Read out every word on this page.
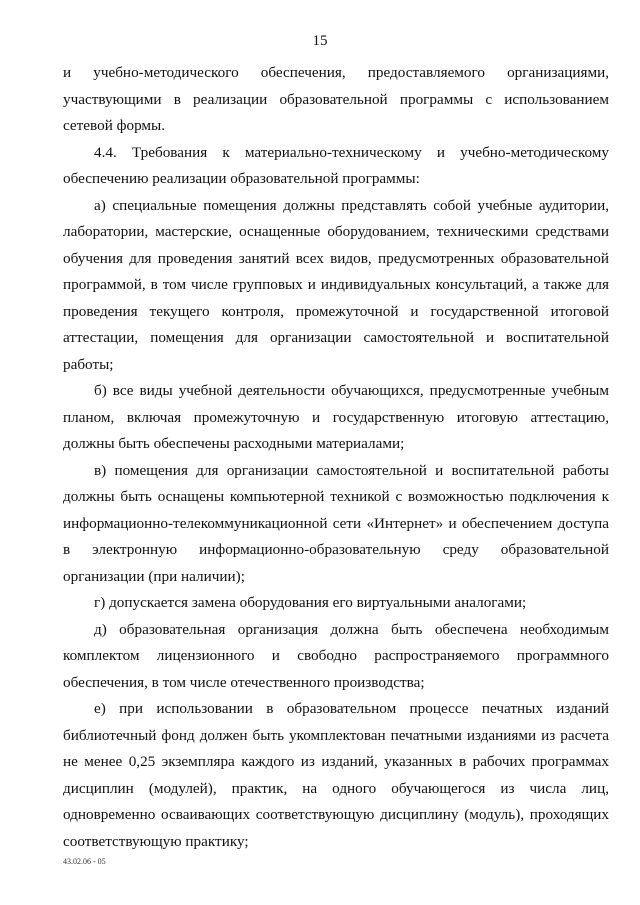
15

и учебно-методического обеспечения, предоставляемого организациями, участвующими в реализации образовательной программы с использованием сетевой формы.

4.4. Требования к материально-техническому и учебно-методическому обеспечению реализации образовательной программы:

а) специальные помещения должны представлять собой учебные аудитории, лаборатории, мастерские, оснащенные оборудованием, техническими средствами обучения для проведения занятий всех видов, предусмотренных образовательной программой, в том числе групповых и индивидуальных консультаций, а также для проведения текущего контроля, промежуточной и государственной итоговой аттестации, помещения для организации самостоятельной и воспитательной работы;

б) все виды учебной деятельности обучающихся, предусмотренные учебным планом, включая промежуточную и государственную итоговую аттестацию, должны быть обеспечены расходными материалами;

в) помещения для организации самостоятельной и воспитательной работы должны быть оснащены компьютерной техникой с возможностью подключения к информационно-телекоммуникационной сети «Интернет» и обеспечением доступа в электронную информационно-образовательную среду образовательной организации (при наличии);

г) допускается замена оборудования его виртуальными аналогами;

д) образовательная организация должна быть обеспечена необходимым комплектом лицензионного и свободно распространяемого программного обеспечения, в том числе отечественного производства;

е) при использовании в образовательном процессе печатных изданий библиотечный фонд должен быть укомплектован печатными изданиями из расчета не менее 0,25 экземпляра каждого из изданий, указанных в рабочих программах дисциплин (модулей), практик, на одного обучающегося из числа лиц, одновременно осваивающих соответствующую дисциплину (модуль), проходящих соответствующую практику;

43.02.06 - 05
